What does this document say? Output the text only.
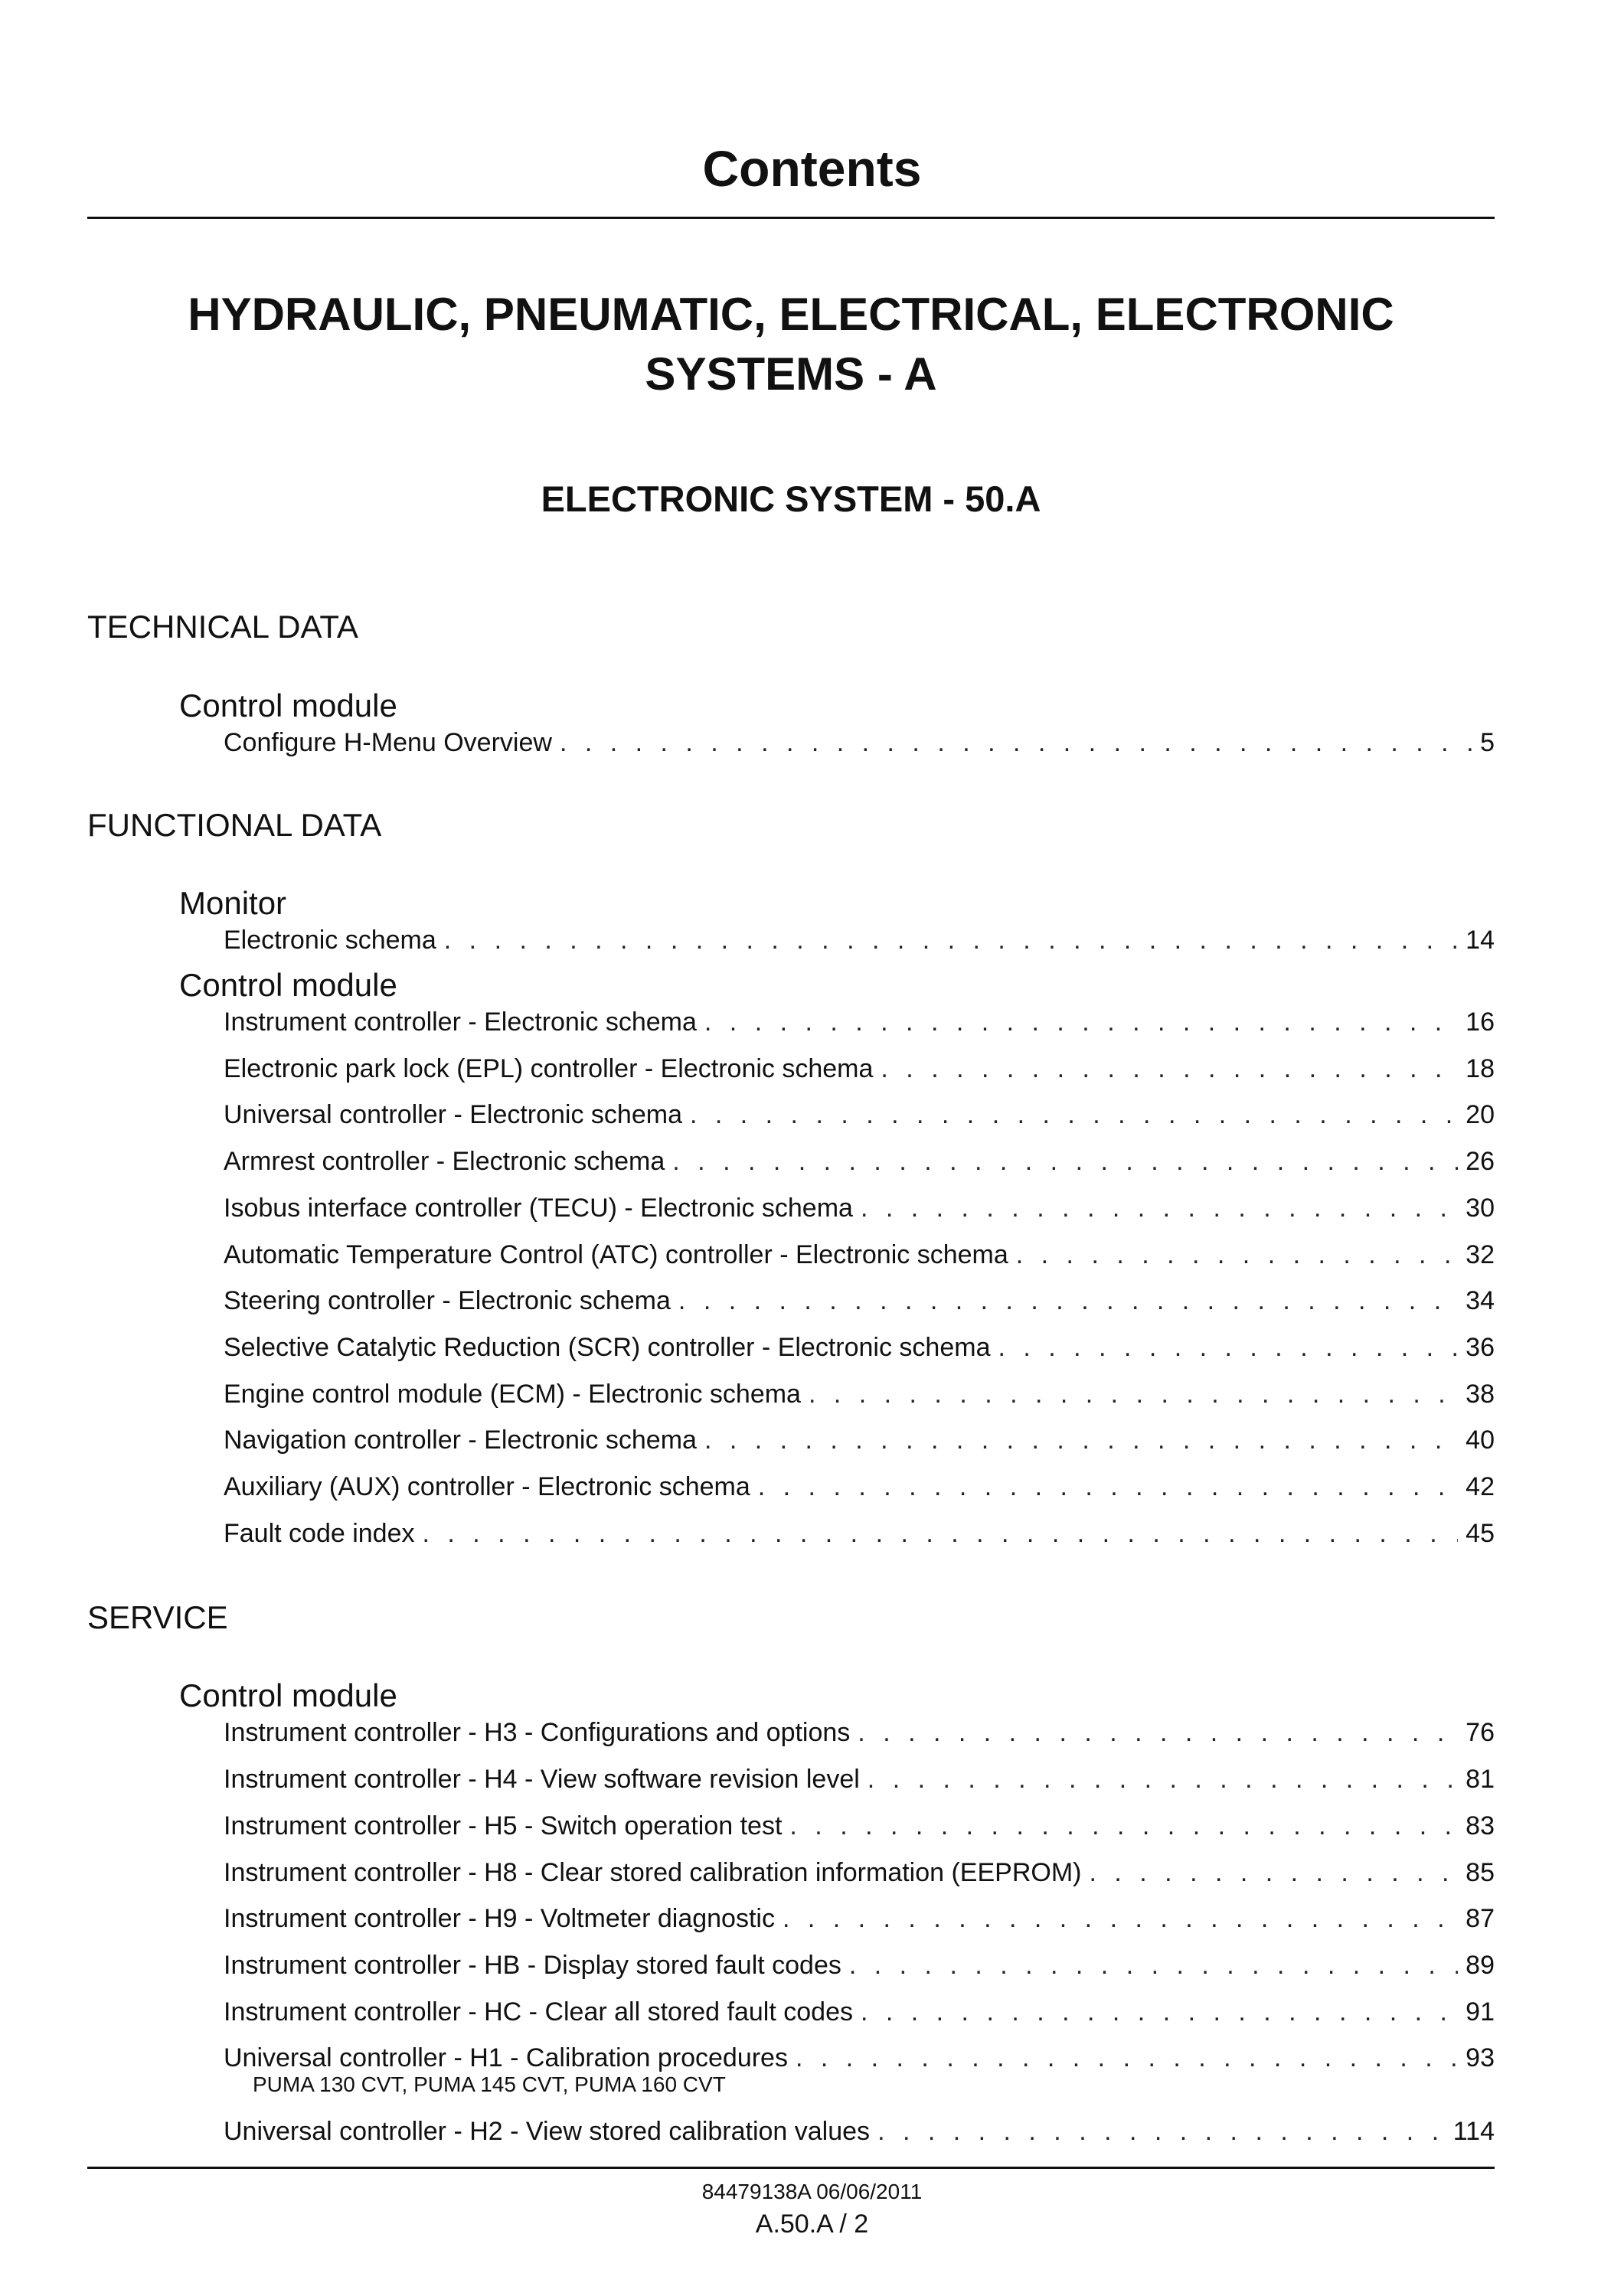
Contents
HYDRAULIC, PNEUMATIC, ELECTRICAL, ELECTRONIC
SYSTEMS - A
ELECTRONIC SYSTEM - 50.A
TECHNICAL DATA
Control module
Configure H-Menu Overview . . .	5
FUNCTIONAL DATA
Monitor
Electronic schema . . .	14
Control module
Instrument controller - Electronic schema . . .	16
Electronic park lock (EPL) controller - Electronic schema . . .	18
Universal controller - Electronic schema . . .	20
Armrest controller - Electronic schema . . .	26
Isobus interface controller (TECU) - Electronic schema . . .	30
Automatic Temperature Control (ATC) controller - Electronic schema . . .	32
Steering controller - Electronic schema . . .	34
Selective Catalytic Reduction (SCR) controller - Electronic schema . . .	36
Engine control module (ECM) - Electronic schema . . .	38
Navigation controller - Electronic schema . . .	40
Auxiliary (AUX) controller - Electronic schema . . .	42
Fault code index . . .	45
SERVICE
Control module
Instrument controller - H3 - Configurations and options . . .	76
Instrument controller - H4 - View software revision level . . .	81
Instrument controller - H5 - Switch operation test . . .	83
Instrument controller - H8 - Clear stored calibration information (EEPROM) . . .	85
Instrument controller - H9 - Voltmeter diagnostic . . .	87
Instrument controller - HB - Display stored fault codes . . .	89
Instrument controller - HC - Clear all stored fault codes . . .	91
Universal controller - H1 - Calibration procedures . . .	93
PUMA 130 CVT, PUMA 145 CVT, PUMA 160 CVT
Universal controller - H2 - View stored calibration values . . .	114
84479138A 06/06/2011
A.50.A / 2
